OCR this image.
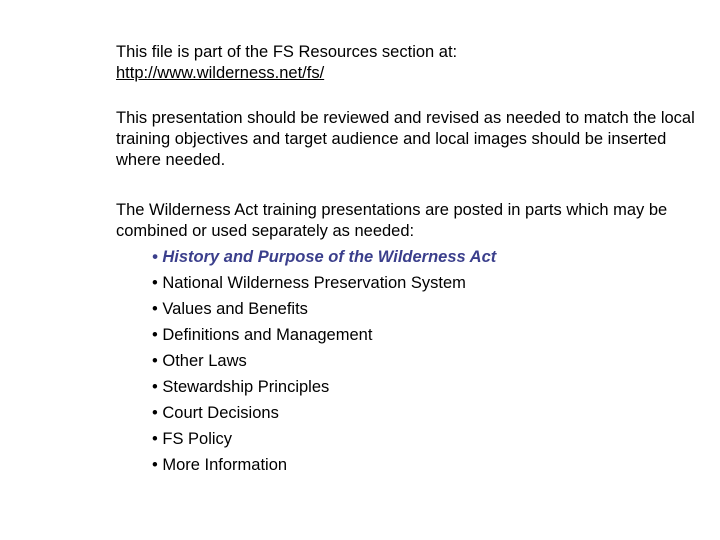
This file is part of the FS Resources section at:
http://www.wilderness.net/fs/
This presentation should be reviewed and revised as needed to match the local training objectives and target audience and local images should be inserted where needed.
The Wilderness Act training presentations are posted in parts which may be combined or used separately as needed:
• History and Purpose of the Wilderness Act
• National Wilderness Preservation System
• Values and Benefits
• Definitions and Management
• Other Laws
• Stewardship Principles
• Court Decisions
• FS Policy
• More Information
